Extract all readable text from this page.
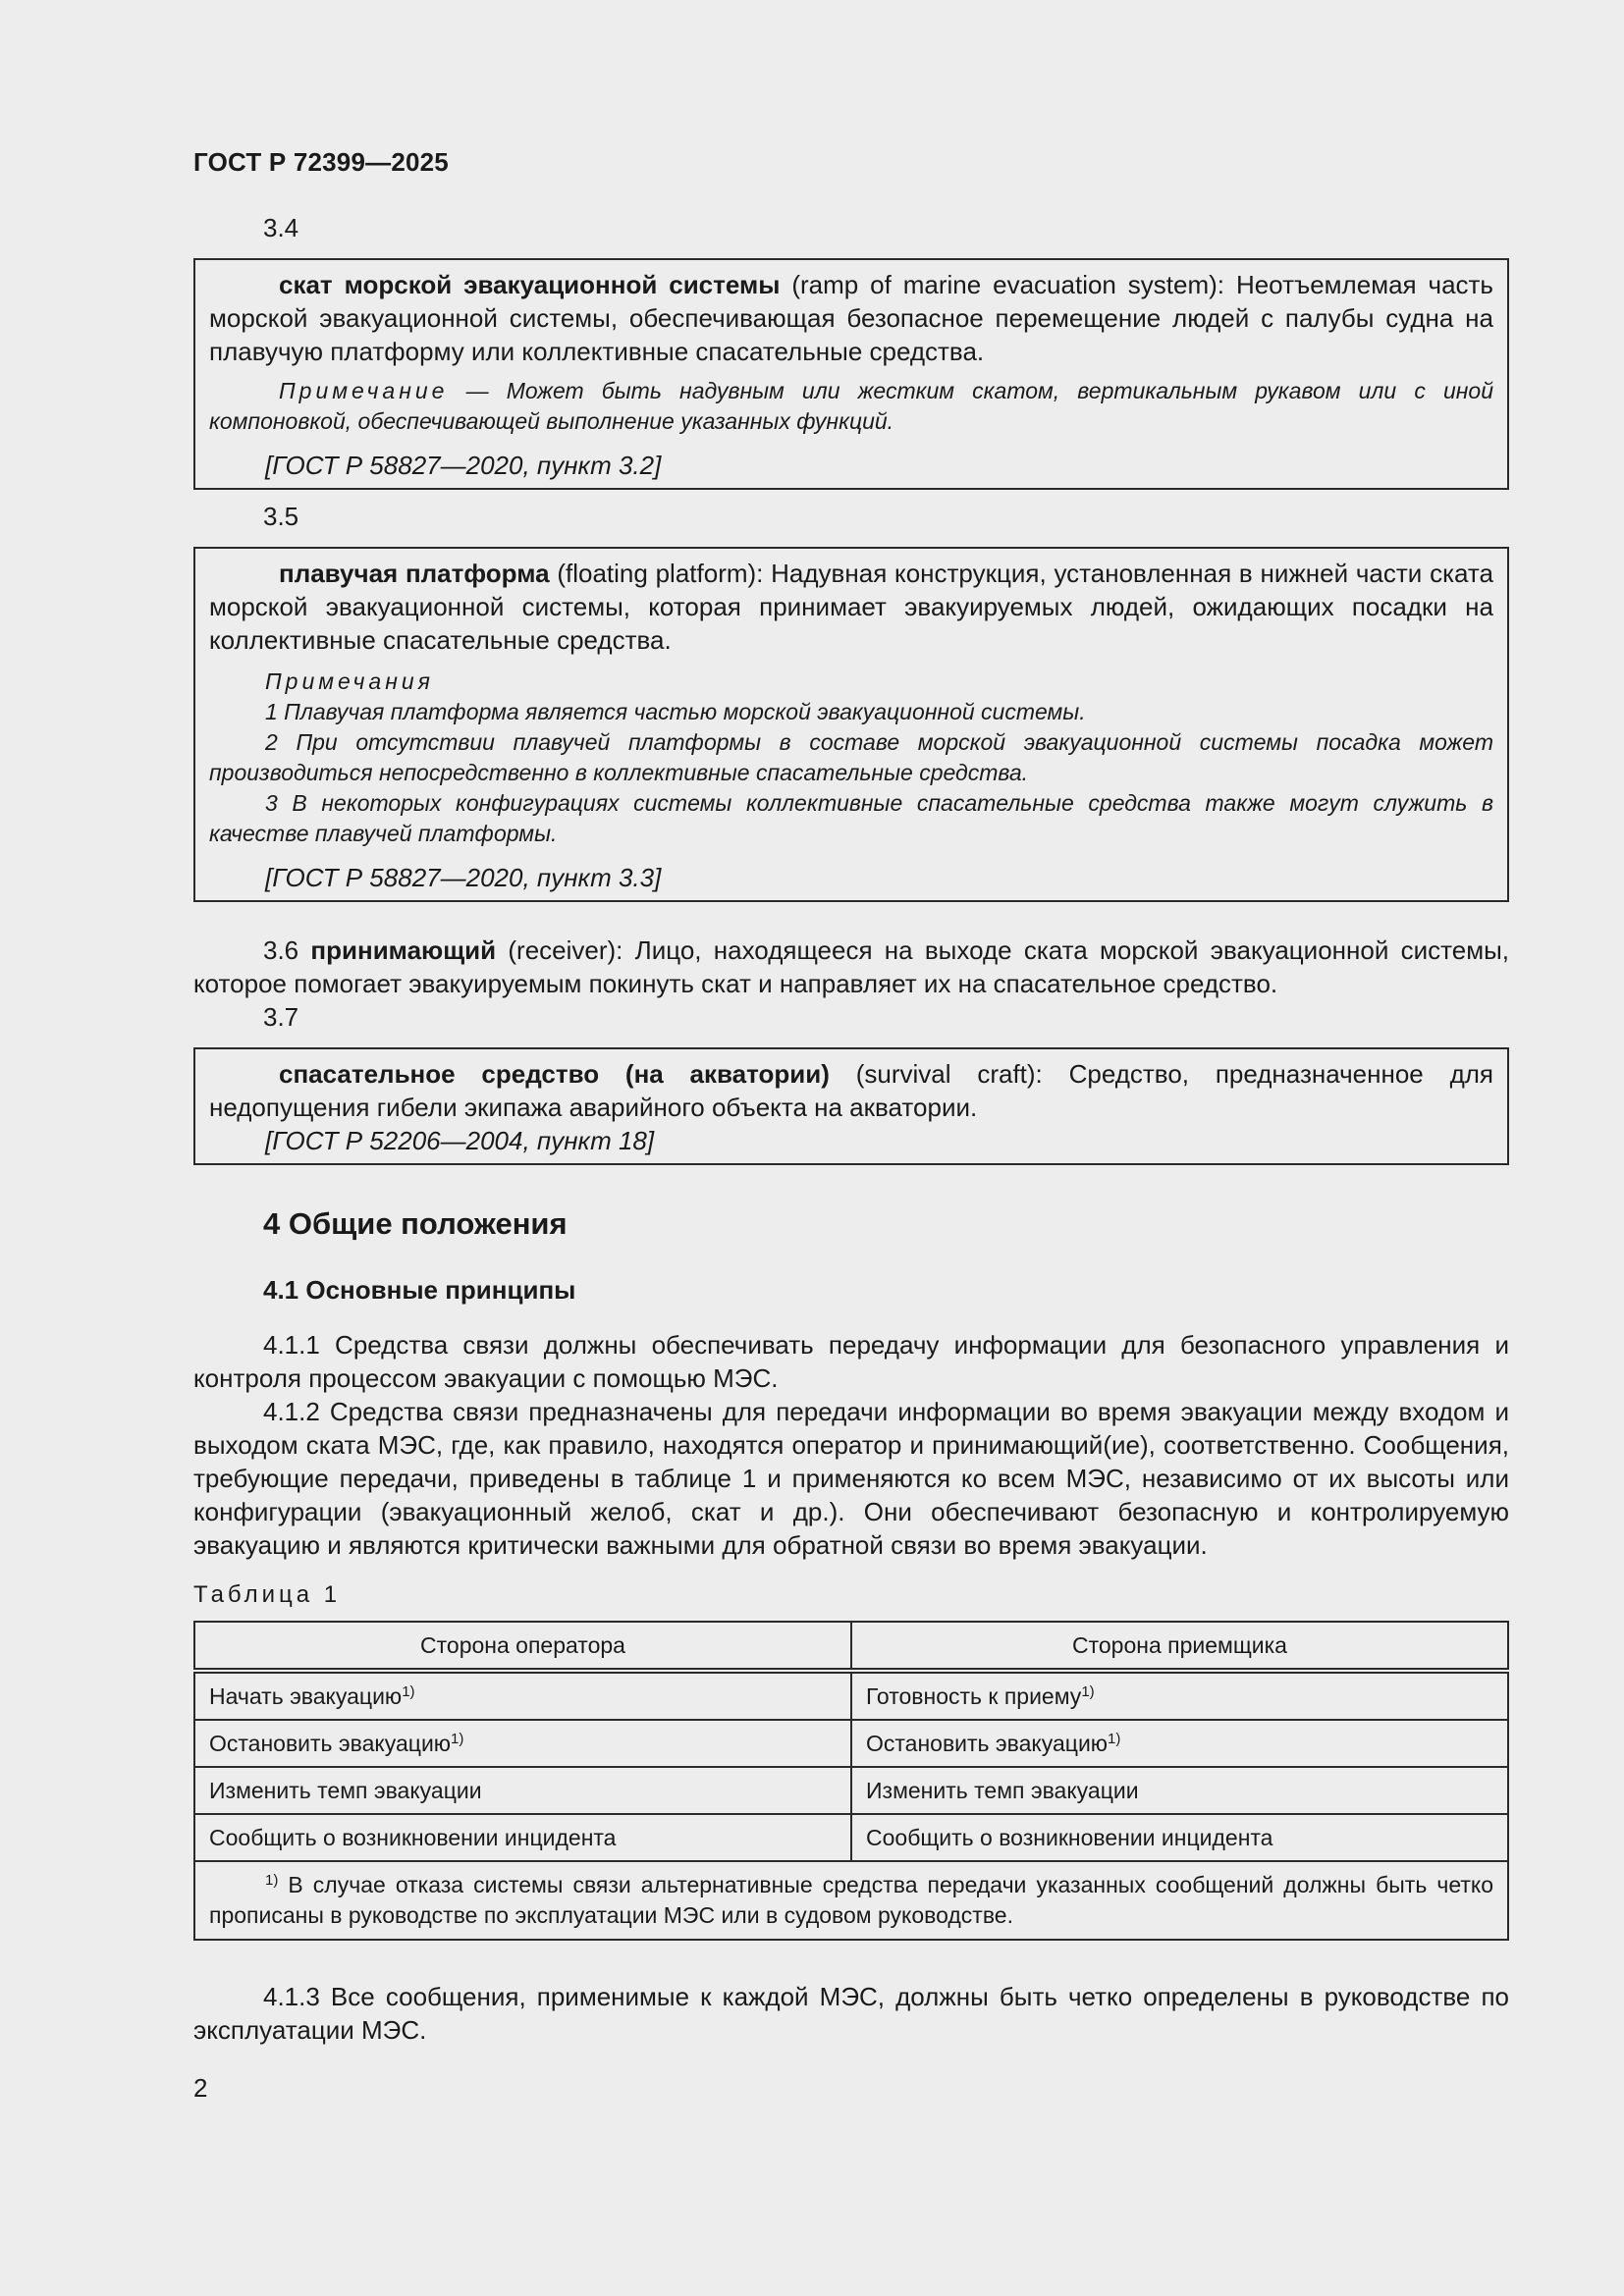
ГОСТ Р 72399—2025
3.4

скат морской эвакуационной системы (ramp of marine evacuation system): Неотъемлемая часть морской эвакуационной системы, обеспечивающая безопасное перемещение людей с палубы судна на плавучую платформу или коллективные спасательные средства.

Примечание — Может быть надувным или жестким скатом, вертикальным рукавом или с иной компоновкой, обеспечивающей выполнение указанных функций.
[ГОСТ Р 58827—2020, пункт 3.2]
3.5

плавучая платформа (floating platform): Надувная конструкция, установленная в нижней части ската морской эвакуационной системы, которая принимает эвакуируемых людей, ожидающих посадки на коллективные спасательные средства.

Примечания
1 Плавучая платформа является частью морской эвакуационной системы.
2 При отсутствии плавучей платформы в составе морской эвакуационной системы посадка может производиться непосредственно в коллективные спасательные средства.
3 В некоторых конфигурациях системы коллективные спасательные средства также могут служить в качестве плавучей платформы.
[ГОСТ Р 58827—2020, пункт 3.3]

3.6 принимающий (receiver): Лицо, находящееся на выходе ската морской эвакуационной системы, которое помогает эвакуируемым покинуть скат и направляет их на спасательное средство.

3.7

спасательное средство (на акватории) (survival craft): Средство, предназначенное для недопущения гибели экипажа аварийного объекта на акватории.

[ГОСТ Р 52206—2004, пункт 18]
4 Общие положения
4.1 Основные принципы

4.1.1 Средства связи должны обеспечивать передачу информации для безопасного управления и контроля процессом эвакуации с помощью МЭС.

4.1.2 Средства связи предназначены для передачи информации во время эвакуации между входом и выходом ската МЭС, где, как правило, находятся оператор и принимающий(ие), соответственно. Сообщения, требующие передачи, приведены в таблице 1 и применяются ко всем МЭС, независимо от их высоты или конфигурации (эвакуационный желоб, скат и др.). Они обеспечивают безопасную и контролируемую эвакуацию и являются критически важными для обратной связи во время эвакуации.

Таблица 1
Сторона оператора	Сторона приемщика
Начать эвакуацию$^{1)}$	Готовность к приему$^{1)}$
Остановить эвакуацию$^{1)}$	Остановить эвакуацию$^{1)}$
Изменить темп эвакуации	Изменить темп эвакуации
Сообщить о возникновении инцидента	Сообщить о возникновении инцидента
$^{1)}$ В случае отказа системы связи альтернативные средства передачи указанных сообщений должны быть четко прописаны в руководстве по эксплуатации МЭС или в судовом руководстве.	

4.1.3 Все сообщения, применимые к каждой МЭС, должны быть четко определены в руководстве по эксплуатации МЭС.

2
